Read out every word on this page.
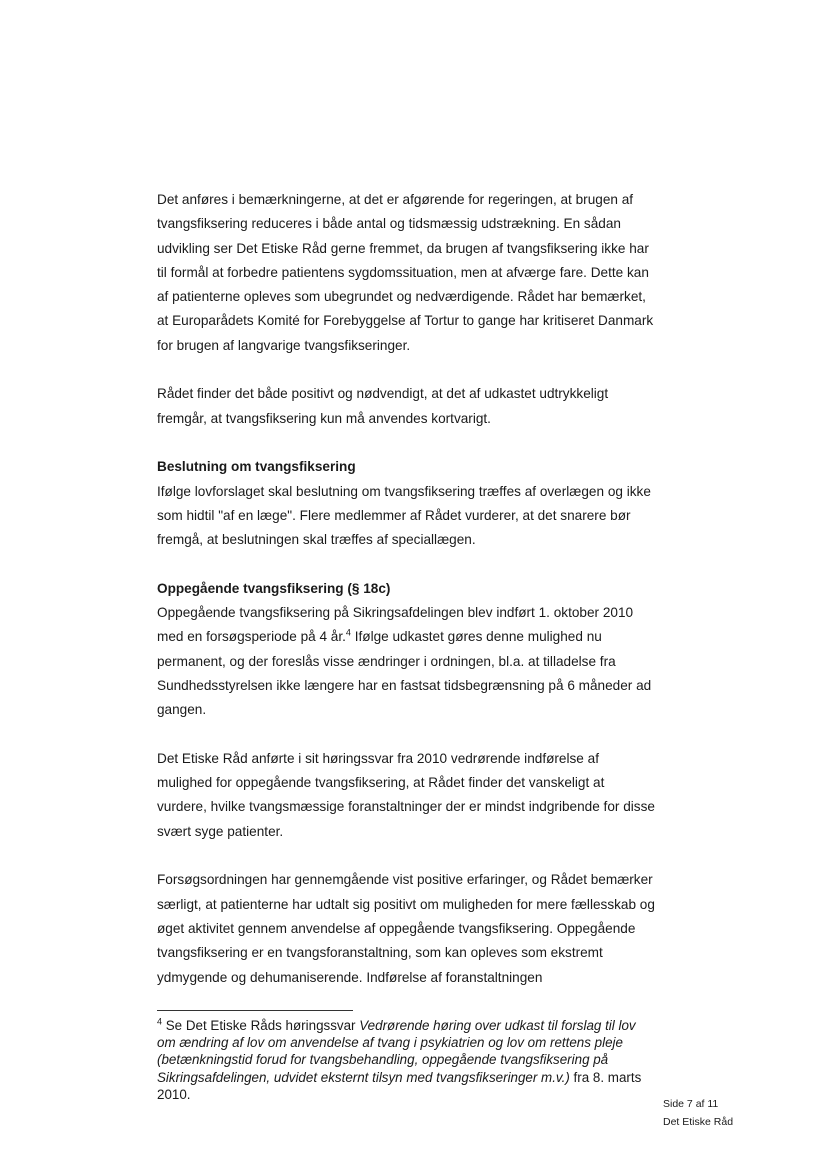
Det anføres i bemærkningerne, at det er afgørende for regeringen, at brugen af tvangsfiksering reduceres i både antal og tidsmæssig udstrækning. En sådan udvikling ser Det Etiske Råd gerne fremmet, da brugen af tvangsfiksering ikke har til formål at forbedre patientens sygdomssituation, men at afværge fare. Dette kan af patienterne opleves som ubegrundet og nedværdigende. Rådet har bemærket, at Europarådets Komité for Forebyggelse af Tortur to gange har kritiseret Danmark for brugen af langvarige tvangsfikseringer.

Rådet finder det både positivt og nødvendigt, at det af udkastet udtrykkeligt fremgår, at tvangsfiksering kun må anvendes kortvarigt.

Beslutning om tvangsfiksering

Ifølge lovforslaget skal beslutning om tvangsfiksering træffes af overlægen og ikke som hidtil "af en læge". Flere medlemmer af Rådet vurderer, at det snarere bør fremgå, at beslutningen skal træffes af speciallægen.

Oppegående tvangsfiksering (§ 18c)

Oppegående tvangsfiksering på Sikringsafdelingen blev indført 1. oktober 2010 med en forsøgsperiode på 4 år.$^4$ Ifølge udkastet gøres denne mulighed nu permanent, og der foreslås visse ændringer i ordningen, bl.a. at tilladelse fra Sundhedsstyrelsen ikke længere har en fastsat tidsbegrænsning på 6 måneder ad gangen.

Det Etiske Råd anførte i sit høringssvar fra 2010 vedrørende indførelse af mulighed for oppegående tvangsfiksering, at Rådet finder det vanskeligt at vurdere, hvilke tvangsmæssige foranstaltninger der er mindst indgribende for disse svært syge patienter.

Forsøgsordningen har gennemgående vist positive erfaringer, og Rådet bemærker særligt, at patienterne har udtalt sig positivt om muligheden for mere fællesskab og øget aktivitet gennem anvendelse af oppegående tvangsfiksering. Oppegående tvangsfiksering er en tvangsforanstaltning, som kan opleves som ekstremt ydmygende og dehumaniserende. Indførelse af foranstaltningen

$^4$ Se Det Etiske Råds høringssvar Vedrørende høring over udkast til forslag til lov om ændring af lov om anvendelse af tvang i psykiatrien og lov om rettens pleje (betænkningstid forud for tvangsbehandling, oppegående tvangsfiksering på Sikringsafdelingen, udvidet eksternt tilsyn med tvangsfikseringer m.v.) fra 8. marts 2010.
Side 7 af 11
Det Etiske Råd
